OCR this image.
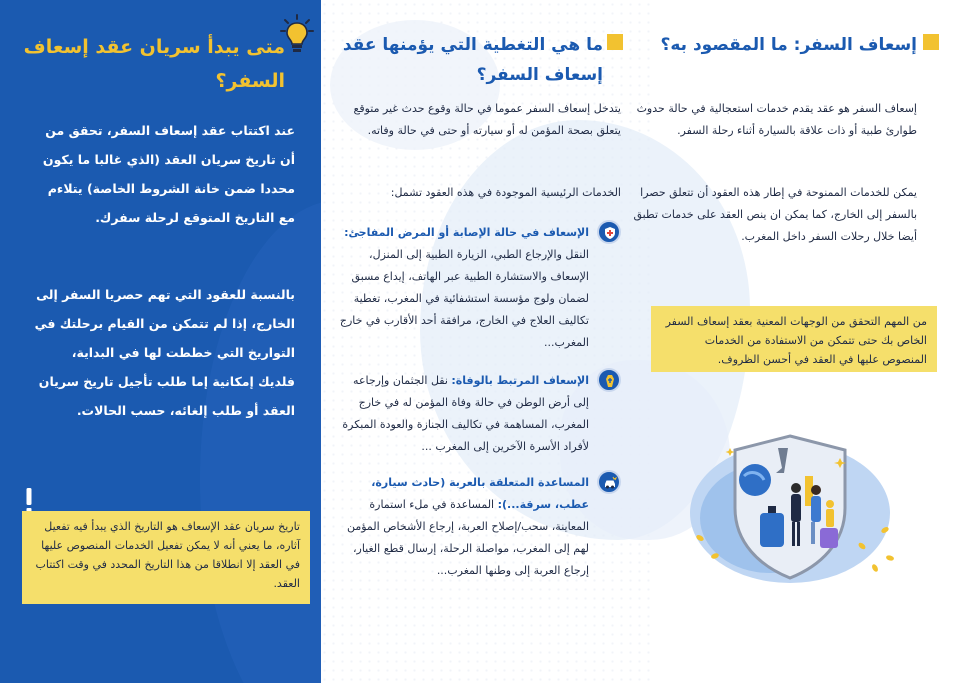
متى يبدأ سريان عقد إسعاف السفر؟
عند اكتتاب عقد إسعاف السفر، تحقق من أن تاريخ سريان العقد (الذي غالبا ما يكون محددا ضمن خانة الشروط الخاصة) يتلاءم مع التاريخ المتوقع لرحلة سفرك.
بالنسبة للعقود التي تهم حصريا السفر إلى الخارج، إذا لم تتمكن من القيام برحلتك في التواريخ التي خططت لها في البداية، فلديك إمكانية إما طلب تأجيل تاريخ سريان العقد أو طلب إلغائه، حسب الحالات.
تاريخ سريان عقد الإسعاف هو التاريخ الذي يبدأ فيه تفعيل آثاره، ما يعني أنه لا يمكن تفعيل الخدمات المنصوص عليها في العقد إلا انطلاقا من هذا التاريخ المحدد في وقت اكتتاب العقد.
ما هي التغطية التي يؤمنها عقد إسعاف السفر؟
يتدخل إسعاف السفر عموما في حالة وقوع حدث غير متوقع يتعلق بصحة المؤمن له أو سيارته أو حتى في حالة وفاته.
الخدمات الرئيسية الموجودة في هذه العقود تشمل:
الإسعاف في حالة الإصابة أو المرض المفاجئ: النقل والإرجاع الطبي، الزيارة الطبية إلى المنزل، الإسعاف والاستشارة الطبية عبر الهاتف، إيداع مسبق لضمان ولوج مؤسسة استشفائية في المغرب، تغطية تكاليف العلاج في الخارج، مرافقة أحد الأقارب في خارج المغرب...
الإسعاف المرتبط بالوفاة: نقل الجثمان وإرجاعه إلى أرض الوطن في حالة وفاة المؤمن له في خارج المغرب، المساهمة في تكاليف الجنازة والعودة المبكرة لأفراد الأسرة الآخرين إلى المغرب ...
المساعدة المتعلقة بالعربة (حادث سيارة، عطب، سرقة...): المساعدة في ملء استمارة المعاينة، سحب/إصلاح العربة، إرجاع الأشخاص المؤمن لهم إلى المغرب، مواصلة الرحلة، إرسال قطع الغيار، إرجاع العربة إلى وطنها المغرب...
إسعاف السفر: ما المقصود به؟
إسعاف السفر هو عقد يقدم خدمات استعجالية في حالة حدوث طوارئ طبية أو ذات علاقة بالسيارة أثناء رحلة السفر.
يمكن للخدمات الممنوحة في إطار هذه العقود أن تتعلق حصرا بالسفر إلى الخارج، كما يمكن ان ينص العقد على خدمات تطبق أيضا خلال رحلات السفر داخل المغرب.
من المهم التحقق من الوجهات المعنية بعقد إسعاف السفر الخاص بك حتى تتمكن من الاستفادة من الخدمات المنصوص عليها في العقد في أحسن الظروف.
